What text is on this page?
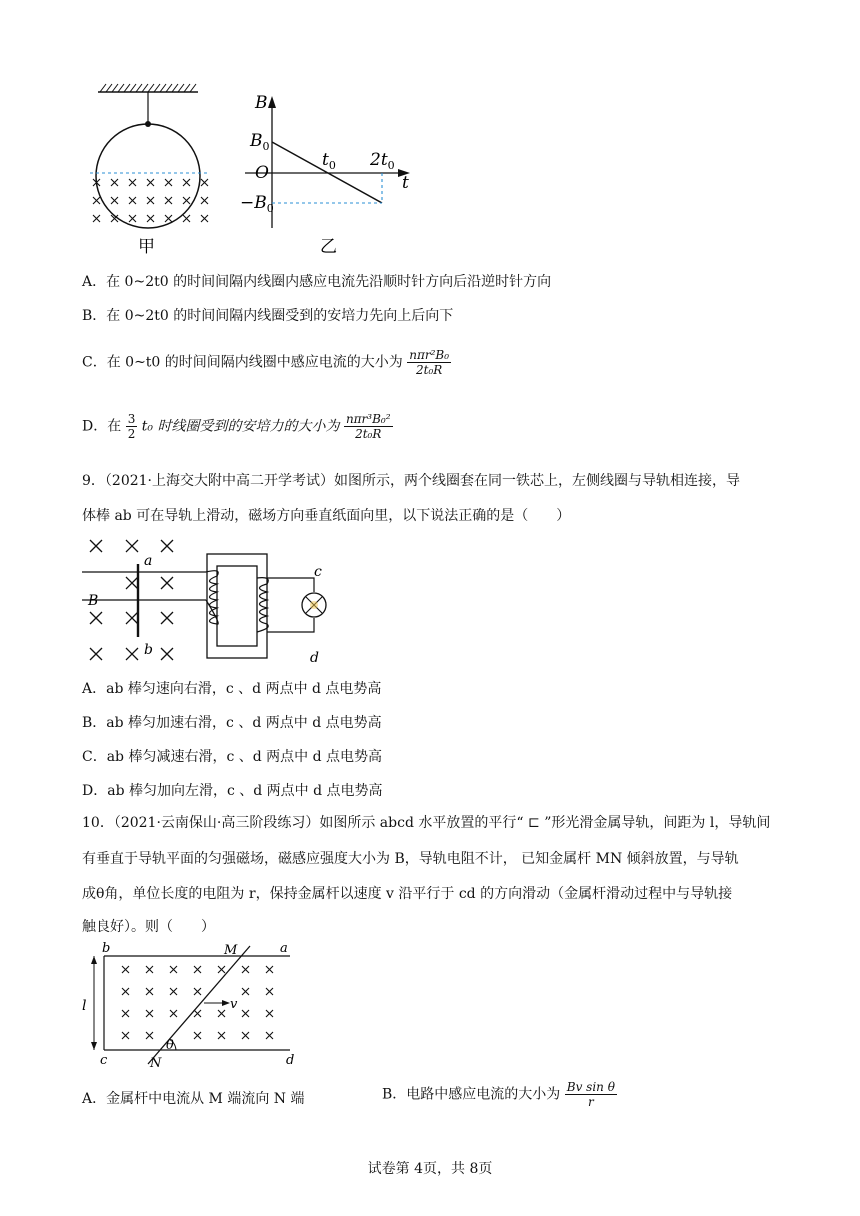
甲
B
t
$B_0$
O
$-B_0$
$t_0$ $2t_0$
乙
A．在 0~2t0 的时间间隔内线圈内感应电流先沿顺时针方向后沿逆时针方向
B．在 0~2t0 的时间间隔内线圈受到的安培力先向上后向下
C．在 0~t0 的时间间隔内线圈中感应电流的大小为 $\frac{\text{nπr²B₀}}{\text{2t₀R}}$
D．在 $\frac{3}{2} t_0$ 时线圈受到的安培力的大小为 $\frac{\text{nπr³B₀²}}{\text{2t₀R}}$
9．（2021·上海交大附中高二开学考试）如图所示，两个线圈套在同一铁芯上，左侧线圈与导轨相连接，导
体棒 ab 可在导轨上滑动，磁场方向垂直纸面向里，以下说法正确的是（　　）
a
b
B
c
d
A．ab 棒匀速向右滑，c 、d 两点中 d 点电势高
B．ab 棒匀加速右滑，c 、d 两点中 d 点电势高
C．ab 棒匀减速右滑，c 、d 两点中 d 点电势高
D．ab 棒匀加向左滑，c 、d 两点中 d 点电势高
10．（2021·云南保山·高三阶段练习）如图所示 abcd 水平放置的平行“ ⊏ ”形光滑金属导轨，间距为 l，导轨间
有垂直于导轨平面的匀强磁场，磁感应强度大小为 B，导轨电阻不计， 已知金属杆 MN 倾斜放置，与导轨
成θ角，单位长度的电阻为 r，保持金属杆以速度 v 沿平行于 cd 的方向滑动（金属杆滑动过程中与导轨接
触良好）。则（　　）
l	v
θ
b	a
c	d
M
N
A．金属杆中电流从 M 端流向 N 端	B．电路中感应电流的大小为 $\frac{\text{Bv sin θ}}{r}$
试卷第 4页，共 8页
